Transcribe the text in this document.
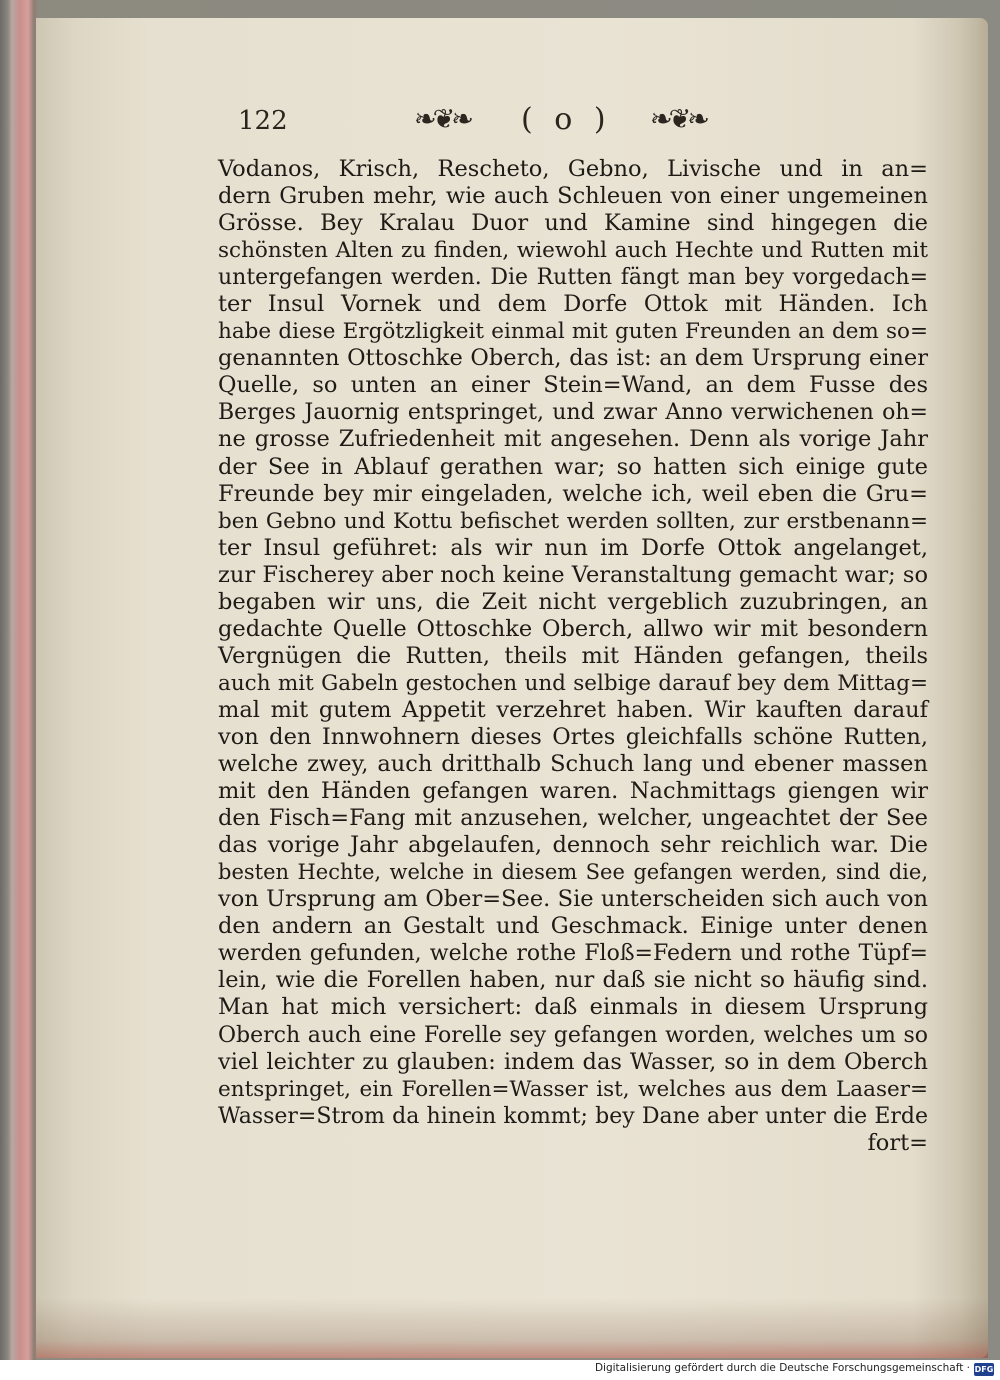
122	❧❦❧ ( o ) ❧❦❧
Vodanos, Krisch, Rescheto, Gebno, Livische und in an=
dern Gruben mehr, wie auch Schleuen von einer ungemeinen
Grösse. Bey Kralau Duor und Kamine sind hingegen die
schönsten Alten zu finden, wiewohl auch Hechte und Rutten mit
untergefangen werden. Die Rutten fängt man bey vorgedach=
ter Insul Vornek und dem Dorfe Ottok mit Händen. Ich
habe diese Ergötzligkeit einmal mit guten Freunden an dem so=
genannten Ottoschke Oberch, das ist: an dem Ursprung einer
Quelle, so unten an einer Stein=Wand, an dem Fusse des
Berges Jauornig entspringet, und zwar Anno verwichenen oh=
ne grosse Zufriedenheit mit angesehen. Denn als vorige Jahr
der See in Ablauf gerathen war; so hatten sich einige gute
Freunde bey mir eingeladen, welche ich, weil eben die Gru=
ben Gebno und Kottu befischet werden sollten, zur erstbenann=
ter Insul geführet: als wir nun im Dorfe Ottok angelanget,
zur Fischerey aber noch keine Veranstaltung gemacht war; so
begaben wir uns, die Zeit nicht vergeblich zuzubringen, an
gedachte Quelle Ottoschke Oberch, allwo wir mit besondern
Vergnügen die Rutten, theils mit Händen gefangen, theils
auch mit Gabeln gestochen und selbige darauf bey dem Mittag=
mal mit gutem Appetit verzehret haben. Wir kauften darauf
von den Innwohnern dieses Ortes gleichfalls schöne Rutten,
welche zwey, auch dritthalb Schuch lang und ebener massen
mit den Händen gefangen waren. Nachmittags giengen wir
den Fisch=Fang mit anzusehen, welcher, ungeachtet der See
das vorige Jahr abgelaufen, dennoch sehr reichlich war. Die
besten Hechte, welche in diesem See gefangen werden, sind die,
von Ursprung am Ober=See. Sie unterscheiden sich auch von
den andern an Gestalt und Geschmack. Einige unter denen
werden gefunden, welche rothe Floß=Federn und rothe Tüpf=
lein, wie die Forellen haben, nur daß sie nicht so häufig sind.
Man hat mich versichert: daß einmals in diesem Ursprung
Oberch auch eine Forelle sey gefangen worden, welches um so
viel leichter zu glauben: indem das Wasser, so in dem Oberch
entspringet, ein Forellen=Wasser ist, welches aus dem Laaser=
Wasser=Strom da hinein kommt; bey Dane aber unter die Erde
fort=
Digitalisierung gefördert durch die Deutsche Forschungsgemeinschaft · DFG
